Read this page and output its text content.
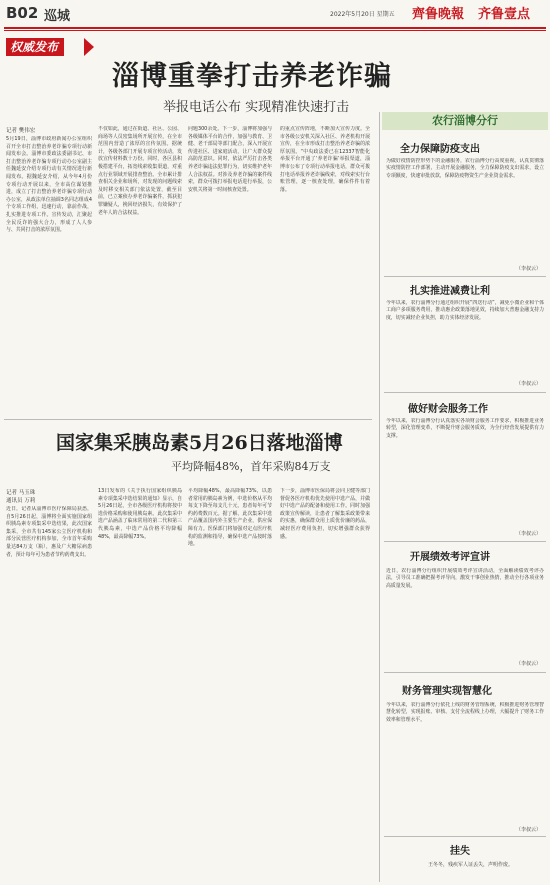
B02 巡城	2022年5月20日 星期五 齊鲁晚報 齐鲁壹点
权威发布
淄博重拳打击养老诈骗
举报电话公布 实现精准快速打击
记者 樊伟宏
5月19日，淄博市政府新闻办公室组织召开全市打击整治养老诈骗专项行动新闻发布会。淄博市委政法委副书记、市打击整治养老诈骗专项行动办公室副主任魏延安介绍专项行动有关情况进行新闻发布。据魏延安介绍，从今年4月份专项行动开展以来，全市高位谋划推进，成立了打击整治养老诈骗专项行动办公室，从政法单位抽调3名同志组成4个专项工作组，迅速行动，靠前作战，扎实推进专项工作。宣传发动，汇聚起全民反诈的强大合力，形成了人人参与、共同打击的浓厚氛围。
不仅如此，通过在街道、社区、公园、商场等人员密集场所开展宣传，在全市范围内营造了浓厚的宣传氛围。据统计，各级各部门开展专项宣传活动，发放宣传材料数十万份。同时，各区县积极搭建平台，拓宽线索收集渠道，对重点行业领域开展排查整治。全市累计排查相关企业和场所，对发现的问题线索及时移交相关部门依法处置，截至目前，已立案侦办养老诈骗案件，抓获犯罪嫌疑人，挽回经济损失，有效保护了老年人的合法权益。
问题300余处。下一步，淄博将加强与各级媒体平台的合作，加强与教育、卫健、老干部局等部门配合，深入开展宣传进社区、进家庭活动，让广大群众提高防范意识。同时，依法严厉打击各类养老诈骗违法犯罪行为，切实维护老年人合法权益。对涉及养老诈骗的案件线索，群众可拨打举报电话进行举报，公安机关将第一时间核查处置。
的重点宣传阵地，不断加大宣传力度。全市各级公安机关深入社区、养老机构开展宣传，在全市形成打击整治养老诈骗的浓厚氛围。“中央政法委已在12337智能化举报平台开通了‘养老诈骗’举报渠道，淄博市公布了专项行动举报电话，群众可拨打电话举报养老诈骗线索，对线索实行台账管理，逐一核查处理，确保件件有着落。
国家集采胰岛素5月26日落地淄博
平均降幅48%，首年采购84万支
记者 马玉珠
通讯员 万莉
近日，记者从淄博市医疗保障局获悉，自5月26日起，淄博将全面实施国家组织胰岛素专项集采中选结果，此次国家集采，全市共有145家公立医疗机构和部分民营医疗机构参加，全市首年采购量达84万支（瓶），惠及广大糖尿病患者，预计每年可为患者节约药费支出。
13日发布的《关于执行国家组织胰岛素专项集采中选结果的通知》显示，自5月26日起，全市各级医疗机构将按中选价格采购和使用胰岛素。此次集采中选产品涵盖了临床常用的第二代和第三代胰岛素，中选产品价格平均降幅48%，最高降幅73%。
平均降幅48%，最高降幅73%，以患者常用的胰岛素为例，中选价格从平均每支下降至每支几十元，患者每年可节约药费数百元。据了解，此次集采中选产品覆盖国内外主要生产企业，供应保障有力。医保部门将加强对定点医疗机构的监测和指导，确保中选产品按时落地。
下一步，淄博市医保局将会同卫健等部门督促各医疗机构优先使用中选产品，并做好中选产品的配备和使用工作。同时加强政策宣传解读，让患者了解集采政策带来的实惠，确保群众用上质优价廉的药品，减轻医疗费用负担，切实增强群众获得感。
农行淄博分行
全力保障防疫支出
为做好疫情防控形势下的金融服务，农行淄博分行高度重视，认真贯彻落实疫情防控工作部署，主动开展金融服务，全力保障防疫支出需求，设立专项额度，快速审批放款，保障防疫物资生产企业资金需求。
（李叔云）
扎实推进减费让利
今年以来，农行淄博分行通过组织开展“四送行动”，减免小微企业和个体工商户多项服务费用，推动惠企政策落地见效，持续加大普惠金融支持力度，切实减轻企业负担，助力实体经济发展。
（李叔云）
做好财会服务工作
今年以来，农行淄博分行认真落实各项财会服务工作要求，积极推进业务转型，深化管理变革，不断提升财会服务质效，为全行经营发展提供有力支撑。
（李叔云）
开展绩效考评宣讲
近日，农行淄博分行组织开展绩效考评宣讲活动，全面解读绩效考评办法，引导员工准确把握考评导向，激发干事创业热情，推动全行各项业务高质量发展。
（李叔云）
财务管理实现智慧化
今年以来，农行淄博分行依托上线的财务管理系统，积极推进财务管理智慧化转型，实现报账、审核、支付全流程线上办理，大幅提升了财务工作效率和管理水平。
（李叔云）
挂失
王冬冬，残疾军人证丢失，声明作废。
